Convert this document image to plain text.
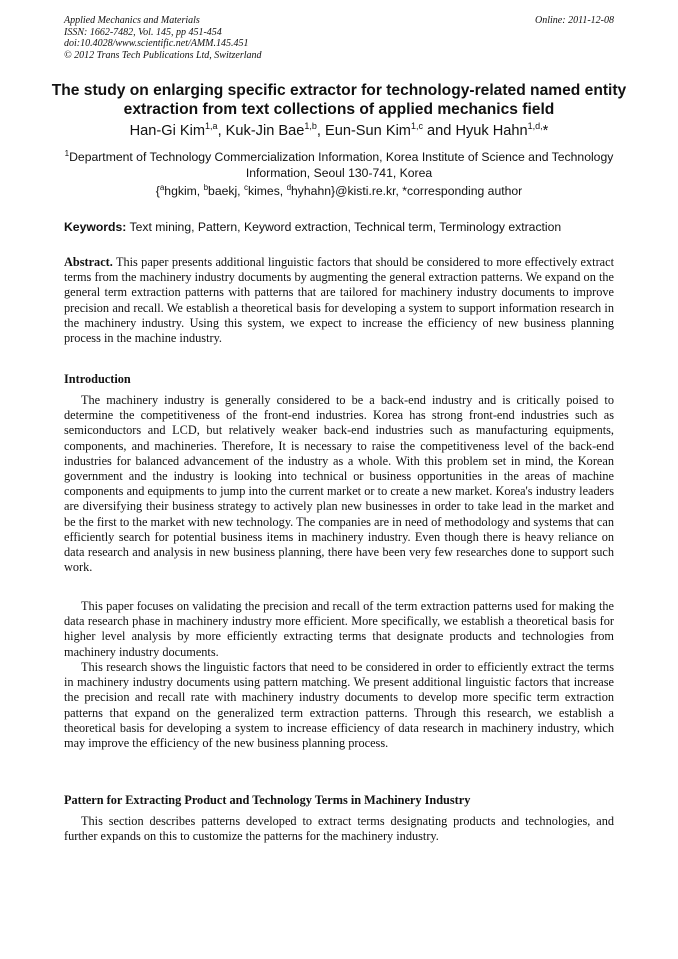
Applied Mechanics and Materials
ISSN: 1662-7482, Vol. 145, pp 451-454
doi:10.4028/www.scientific.net/AMM.145.451
© 2012 Trans Tech Publications Ltd, Switzerland
Online: 2011-12-08
The study on enlarging specific extractor for technology-related named entity extraction from text collections of applied mechanics field
Han-Gi Kim$^{1,a}$, Kuk-Jin Bae$^{1,b}$, Eun-Sun Kim$^{1,c}$ and Hyuk Hahn$^{1,d,}$*
$^1$Department of Technology Commercialization Information, Korea Institute of Science and Technology Information, Seoul 130-741, Korea
{$^a$hgkim, $^b$baekj, $^c$kimes, $^d$hyhahn}@kisti.re.kr, *corresponding author
Keywords: Text mining, Pattern, Keyword extraction, Technical term, Terminology extraction
Abstract. This paper presents additional linguistic factors that should be considered to more effectively extract terms from the machinery industry documents by augmenting the general extraction patterns. We expand on the general term extraction patterns with patterns that are tailored for machinery industry documents to improve precision and recall. We establish a theoretical basis for developing a system to support information research in the machinery industry. Using this system, we expect to increase the efficiency of new business planning process in the machine industry.
Introduction
The machinery industry is generally considered to be a back-end industry and is critically poised to determine the competitiveness of the front-end industries. Korea has strong front-end industries such as semiconductors and LCD, but relatively weaker back-end industries such as manufacturing equipments, components, and machineries. Therefore, It is necessary to raise the competitiveness level of the back-end industries for balanced advancement of the industry as a whole. With this problem set in mind, the Korean government and the industry is looking into technical or business opportunities in the areas of machine components and equipments to jump into the current market or to create a new market. Korea's industry leaders are diversifying their business strategy to actively plan new businesses in order to take lead in the market and be the first to the market with new technology. The companies are in need of methodology and systems that can efficiently search for potential business items in machinery industry. Even though there is heavy reliance on data research and analysis in new business planning, there have been very few researches done to support such work.
This paper focuses on validating the precision and recall of the term extraction patterns used for making the data research phase in machinery industry more efficient. More specifically, we establish a theoretical basis for higher level analysis by more efficiently extracting terms that designate products and technologies from machinery industry documents.
This research shows the linguistic factors that need to be considered in order to efficiently extract the terms in machinery industry documents using pattern matching. We present additional linguistic factors that increase the precision and recall rate with machinery industry documents to develop more specific term extraction patterns that expand on the generalized term extraction patterns. Through this research, we establish a theoretical basis for developing a system to increase efficiency of data research in machinery industry, which may improve the efficiency of the new business planning process.
Pattern for Extracting Product and Technology Terms in Machinery Industry
This section describes patterns developed to extract terms designating products and technologies, and further expands on this to customize the patterns for the machinery industry.
